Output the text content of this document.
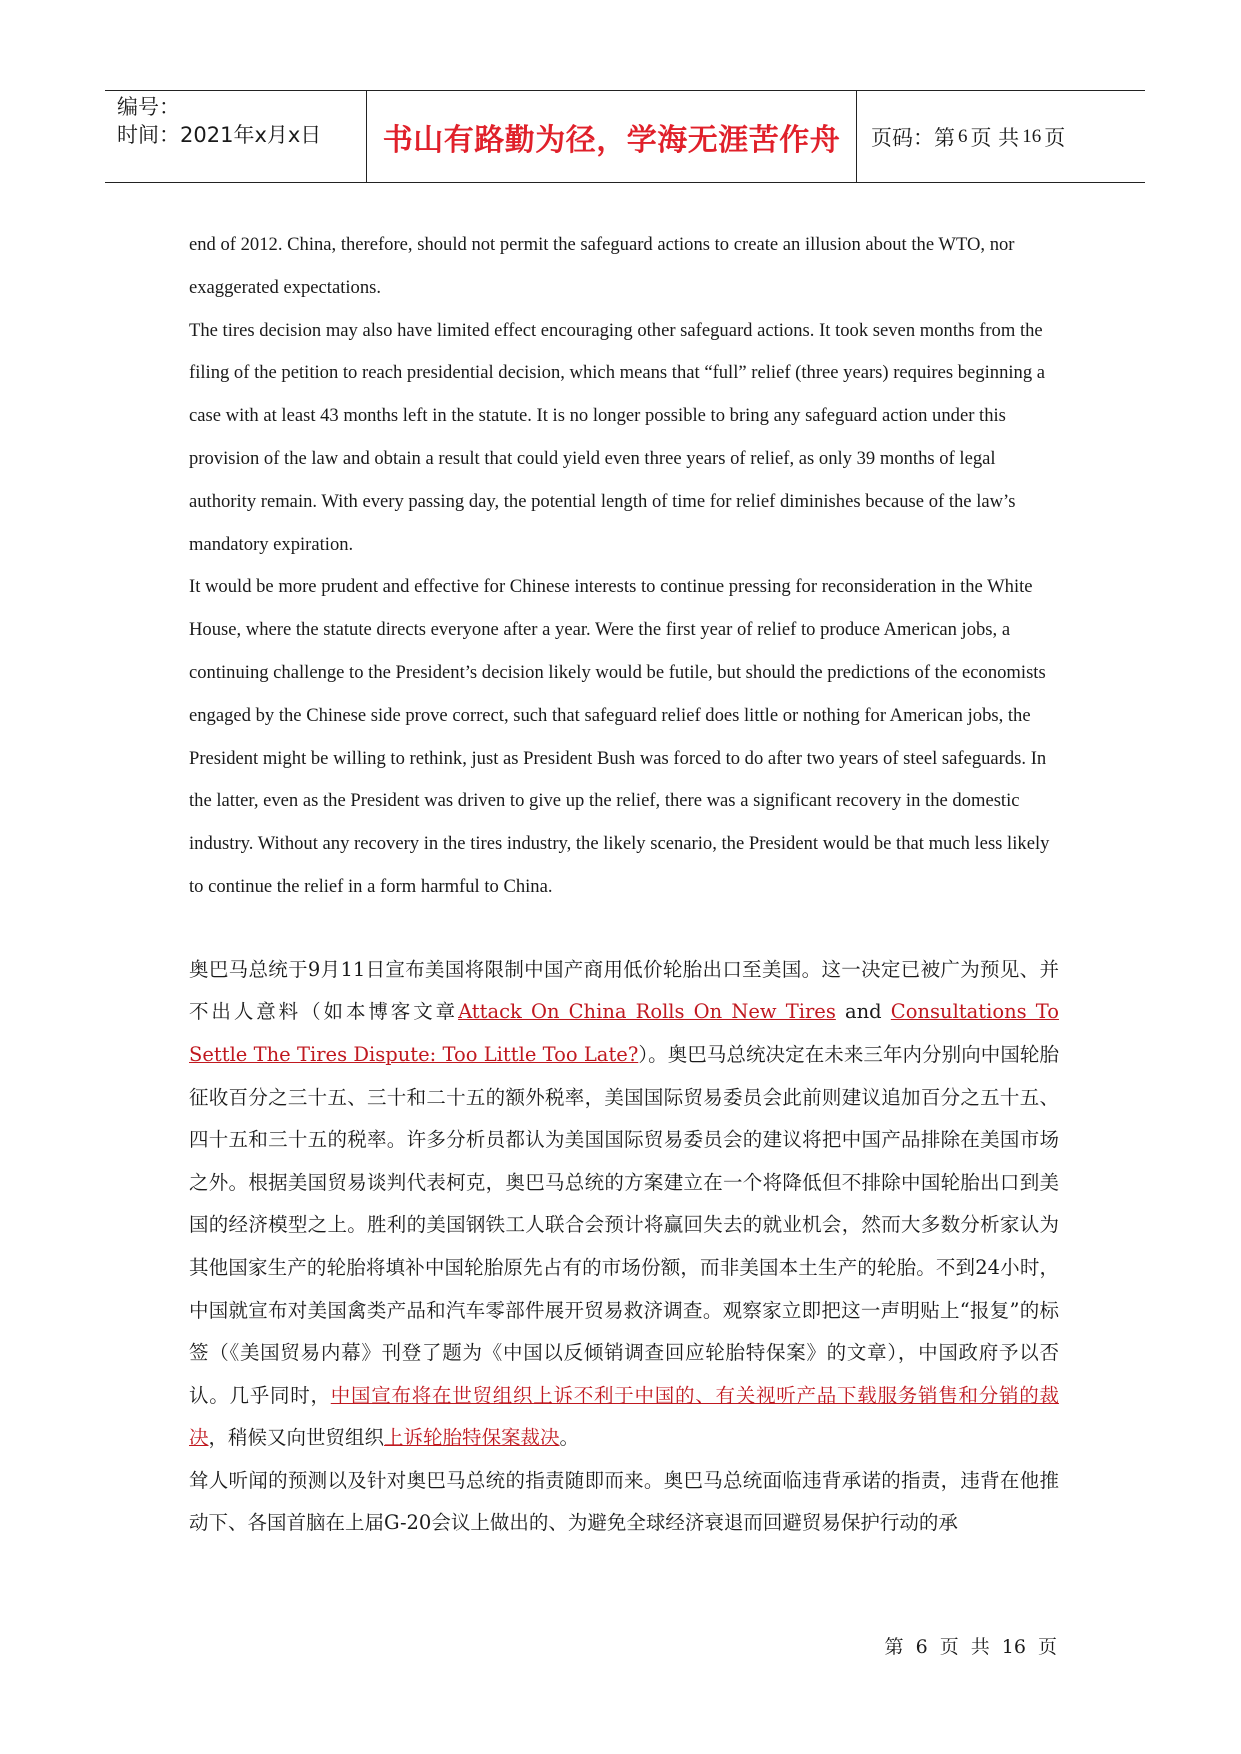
编号：
时间：2021年x月x日	书山有路勤为径，学海无涯苦作舟	页码：第 6 页 共 16 页

end of 2012. China, therefore, should not permit the safeguard actions to create an illusion about the WTO, nor exaggerated expectations.

The tires decision may also have limited effect encouraging other safeguard actions. It took seven months from the filing of the petition to reach presidential decision, which means that “full” relief (three years) requires beginning a case with at least 43 months left in the statute. It is no longer possible to bring any safeguard action under this provision of the law and obtain a result that could yield even three years of relief, as only 39 months of legal authority remain. With every passing day, the potential length of time for relief diminishes because of the law’s mandatory expiration.

It would be more prudent and effective for Chinese interests to continue pressing for reconsideration in the White House, where the statute directs everyone after a year. Were the first year of relief to produce American jobs, a continuing challenge to the President’s decision likely would be futile, but should the predictions of the economists engaged by the Chinese side prove correct, such that safeguard relief does little or nothing for American jobs, the President might be willing to rethink, just as President Bush was forced to do after two years of steel safeguards. In the latter, even as the President was driven to give up the relief, there was a significant recovery in the domestic industry. Without any recovery in the tires industry, the likely scenario, the President would be that much less likely to continue the relief in a form harmful to China.

奥巴马总统于9月11日宣布美国将限制中国产商用低价轮胎出口至美国。这一决定已被广为预见、并不出人意料（如本博客文章Attack On China Rolls On New Tires and Consultations To Settle The Tires Dispute: Too Little Too Late?）。奥巴马总统决定在未来三年内分别向中国轮胎征收百分之三十五、三十和二十五的额外税率，美国国际贸易委员会此前则建议追加百分之五十五、四十五和三十五的税率。许多分析员都认为美国国际贸易委员会的建议将把中国产品排除在美国市场之外。根据美国贸易谈判代表柯克，奥巴马总统的方案建立在一个将降低但不排除中国轮胎出口到美国的经济模型之上。胜利的美国钢铁工人联合会预计将赢回失去的就业机会，然而大多数分析家认为其他国家生产的轮胎将填补中国轮胎原先占有的市场份额，而非美国本土生产的轮胎。不到24小时，中国就宣布对美国禽类产品和汽车零部件展开贸易救济调查。观察家立即把这一声明贴上“报复”的标签（《美国贸易内幕》刊登了题为《中国以反倾销调查回应轮胎特保案》的文章），中国政府予以否认。几乎同时，中国宣布将在世贸组织上诉不利于中国的、有关视听产品下载服务销售和分销的裁决，稍候又向世贸组织上诉轮胎特保案裁决。

耸人听闻的预测以及针对奥巴马总统的指责随即而来。奥巴马总统面临违背承诺的指责，违背在他推动下、各国首脑在上届G-20会议上做出的、为避免全球经济衰退而回避贸易保护行动的承

第 6 页 共 16 页
